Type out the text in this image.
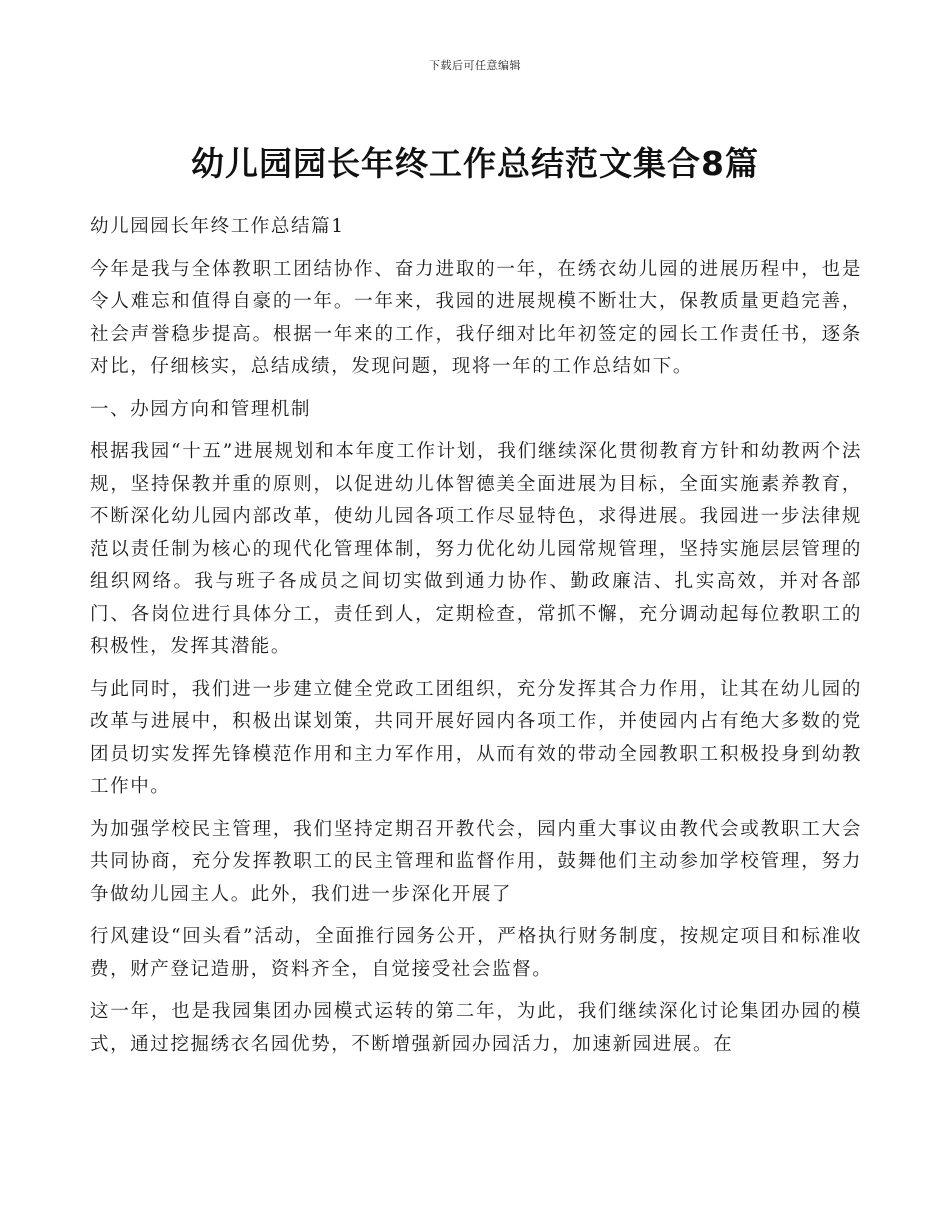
下载后可任意编辑
幼儿园园长年终工作总结范文集合8篇

幼儿园园长年终工作总结篇1

今年是我与全体教职工团结协作、奋力进取的一年，在绣衣幼儿园的进展历程中，也是令人难忘和值得自豪的一年。一年来，我园的进展规模不断壮大，保教质量更趋完善，社会声誉稳步提高。根据一年来的工作，我仔细对比年初签定的园长工作责任书，逐条对比，仔细核实，总结成绩，发现问题，现将一年的工作总结如下。

一、办园方向和管理机制

根据我园“十五”进展规划和本年度工作计划，我们继续深化贯彻教育方针和幼教两个法规，坚持保教并重的原则，以促进幼儿体智德美全面进展为目标，全面实施素养教育，不断深化幼儿园内部改革，使幼儿园各项工作尽显特色，求得进展。我园进一步法律规范以责任制为核心的现代化管理体制，努力优化幼儿园常规管理，坚持实施层层管理的组织网络。我与班子各成员之间切实做到通力协作、勤政廉洁、扎实高效，并对各部门、各岗位进行具体分工，责任到人，定期检查，常抓不懈，充分调动起每位教职工的积极性，发挥其潜能。

与此同时，我们进一步建立健全党政工团组织，充分发挥其合力作用，让其在幼儿园的改革与进展中，积极出谋划策，共同开展好园内各项工作，并使园内占有绝大多数的党团员切实发挥先锋模范作用和主力军作用，从而有效的带动全园教职工积极投身到幼教工作中。

为加强学校民主管理，我们坚持定期召开教代会，园内重大事议由教代会或教职工大会共同协商，充分发挥教职工的民主管理和监督作用，鼓舞他们主动参加学校管理，努力争做幼儿园主人。此外，我们进一步深化开展了

行风建设“回头看”活动，全面推行园务公开，严格执行财务制度，按规定项目和标准收费，财产登记造册，资料齐全，自觉接受社会监督。

这一年，也是我园集团办园模式运转的第二年，为此，我们继续深化讨论集团办园的模式，通过挖掘绣衣名园优势，不断增强新园办园活力，加速新园进展。在
